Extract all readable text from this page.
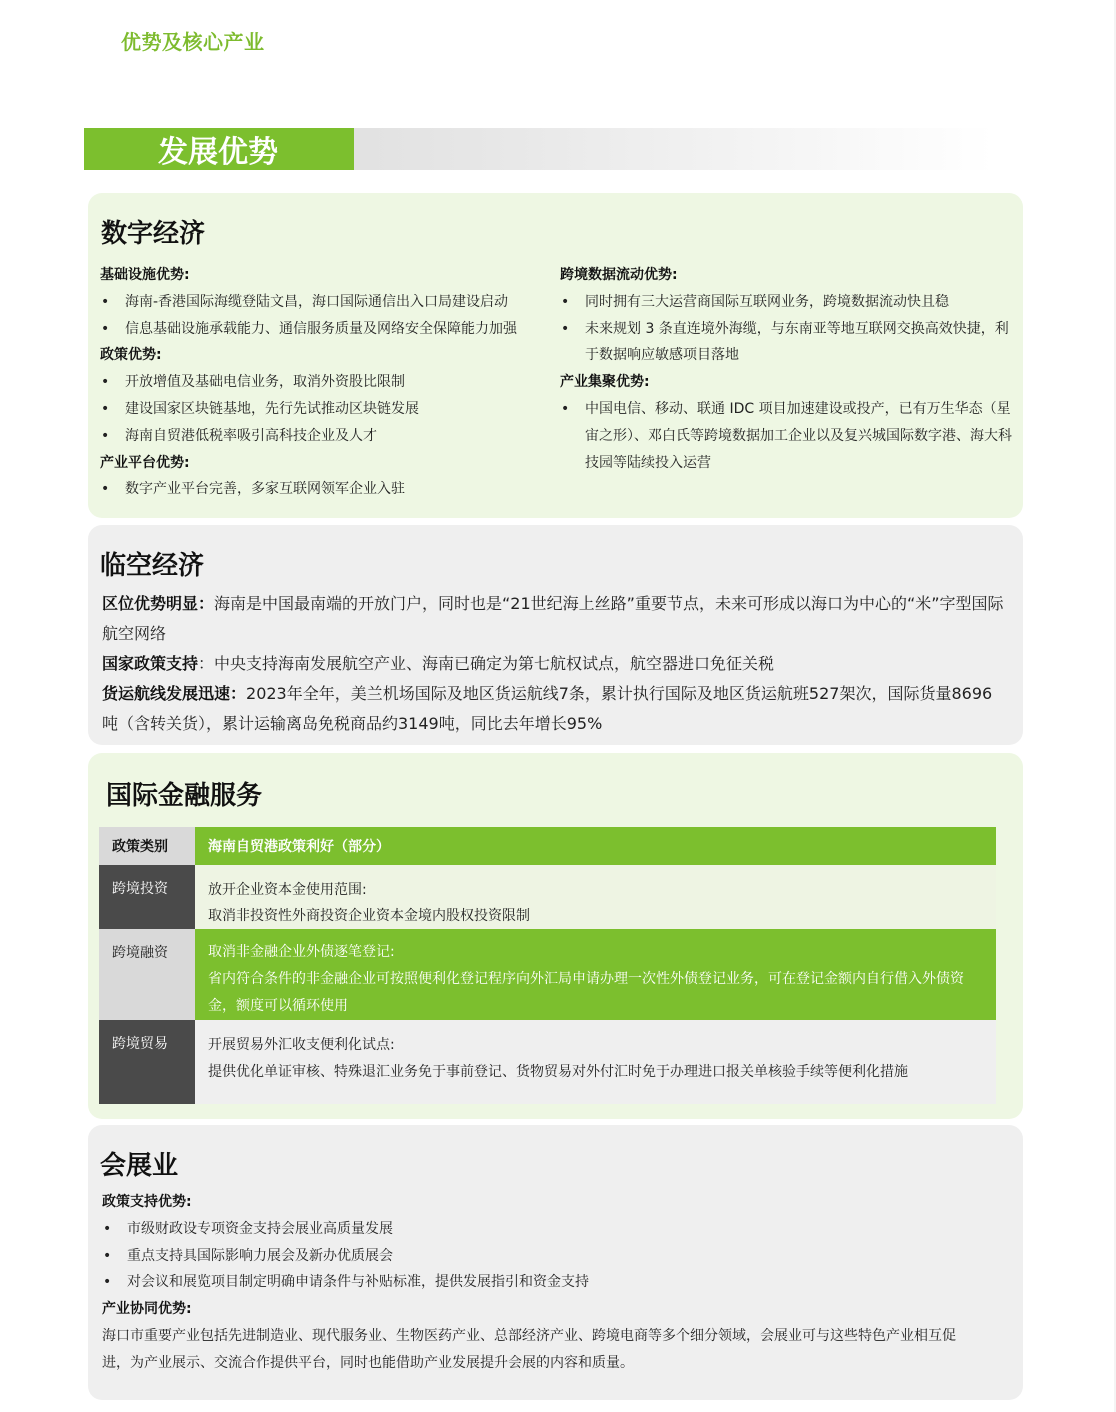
优势及核心产业
发展优势
数字经济
基础设施优势:
• 海南-香港国际海缆登陆文昌，海口国际通信出入口局建设启动
• 信息基础设施承载能力、通信服务质量及网络安全保障能力加强
政策优势:
• 开放增值及基础电信业务，取消外资股比限制
• 建设国家区块链基地，先行先试推动区块链发展
• 海南自贸港低税率吸引高科技企业及人才
产业平台优势:
• 数字产业平台完善，多家互联网领军企业入驻
跨境数据流动优势:
• 同时拥有三大运营商国际互联网业务，跨境数据流动快且稳
• 未来规划 3 条直连境外海缆，与东南亚等地互联网交换高效快捷，利于数据响应敏感项目落地
产业集聚优势:
• 中国电信、移动、联通 IDC 项目加速建设或投产，已有万生华态（星宙之形）、邓白氏等跨境数据加工企业以及复兴城国际数字港、海大科技园等陆续投入运营
临空经济
区位优势明显：海南是中国最南端的开放门户，同时也是“21世纪海上丝路”重要节点，未来可形成以海口为中心的“米”字型国际航空网络
国家政策支持：中央支持海南发展航空产业、海南已确定为第七航权试点，航空器进口免征关税
货运航线发展迅速：2023年全年，美兰机场国际及地区货运航线7条，累计执行国际及地区货运航班527架次，国际货量8696吨（含转关货），累计运输离岛免税商品约3149吨，同比去年增长95%
国际金融服务
政策类别	海南自贸港政策利好（部分）
跨境投资	放开企业资本金使用范围:
取消非投资性外商投资企业资本金境内股权投资限制

跨境融资	取消非金融企业外债逐笔登记:
省内符合条件的非金融企业可按照便利化登记程序向外汇局申请办理一次性外债登记业务，可在登记金额内自行借入外债资金，额度可以循环使用

跨境贸易	开展贸易外汇收支便利化试点:
提供优化单证审核、特殊退汇业务免于事前登记、货物贸易对外付汇时免于办理进口报关单核验手续等便利化措施
会展业
政策支持优势:
• 市级财政设专项资金支持会展业高质量发展
• 重点支持具国际影响力展会及新办优质展会
• 对会议和展览项目制定明确申请条件与补贴标准，提供发展指引和资金支持
产业协同优势:
海口市重要产业包括先进制造业、现代服务业、生物医药产业、总部经济产业、跨境电商等多个细分领域，会展业可与这些特色产业相互促进，为产业展示、交流合作提供平台，同时也能借助产业发展提升会展的内容和质量。
